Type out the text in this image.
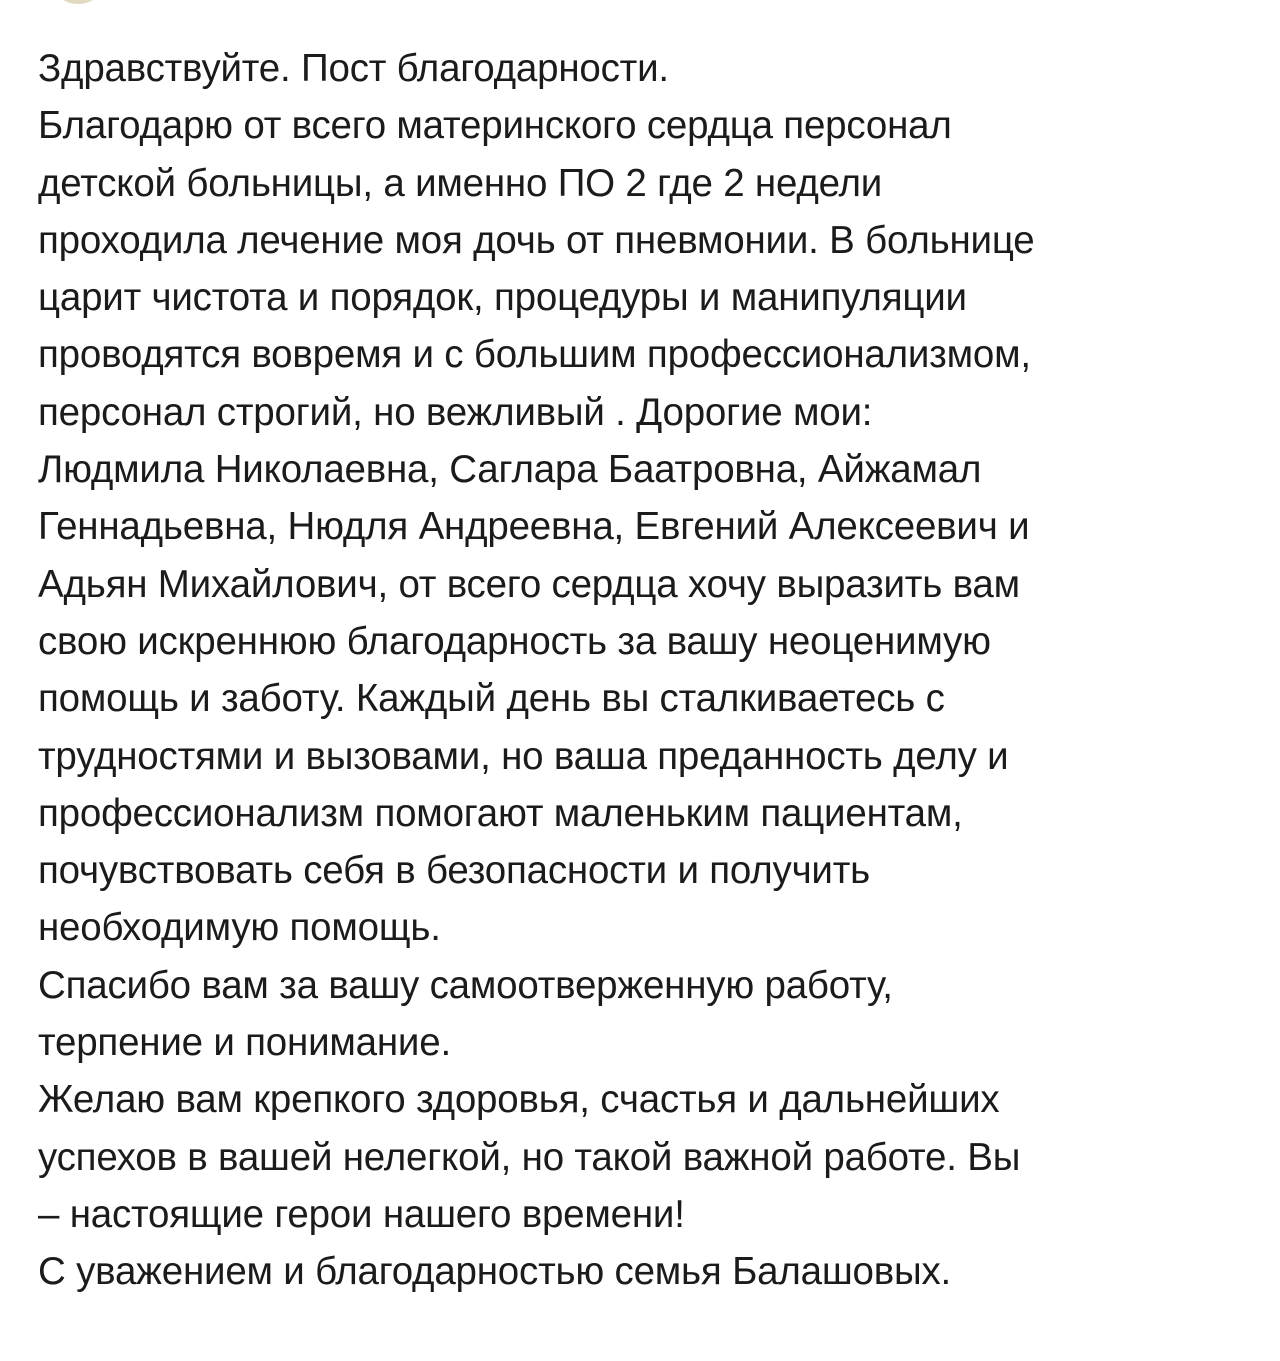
Здравствуйте. Пост благодарности.
Благодарю от всего материнского сердца персонал
детской больницы, а именно ПО 2 где 2 недели
проходила лечение моя дочь от пневмонии. В больнице
царит чистота и порядок, процедуры и манипуляции
проводятся вовремя и с большим профессионализмом,
персонал строгий, но вежливый . Дорогие мои:
Людмила Николаевна, Саглара Баатровна, Айжамал
Геннадьевна, Нюдля Андреевна, Евгений Алексеевич и
Адьян Михайлович, от всего сердца хочу выразить вам
свою искреннюю благодарность за вашу неоценимую
помощь и заботу. Каждый день вы сталкиваетесь с
трудностями и вызовами, но ваша преданность делу и
профессионализм помогают маленьким пациентам,
почувствовать себя в безопасности и получить
необходимую помощь.
Спасибо вам за вашу самоотверженную работу,
терпение и понимание.
Желаю вам крепкого здоровья, счастья и дальнейших
успехов в вашей нелегкой, но такой важной работе. Вы
– настоящие герои нашего времени!
С уважением и благодарностью семья Балашовых.
